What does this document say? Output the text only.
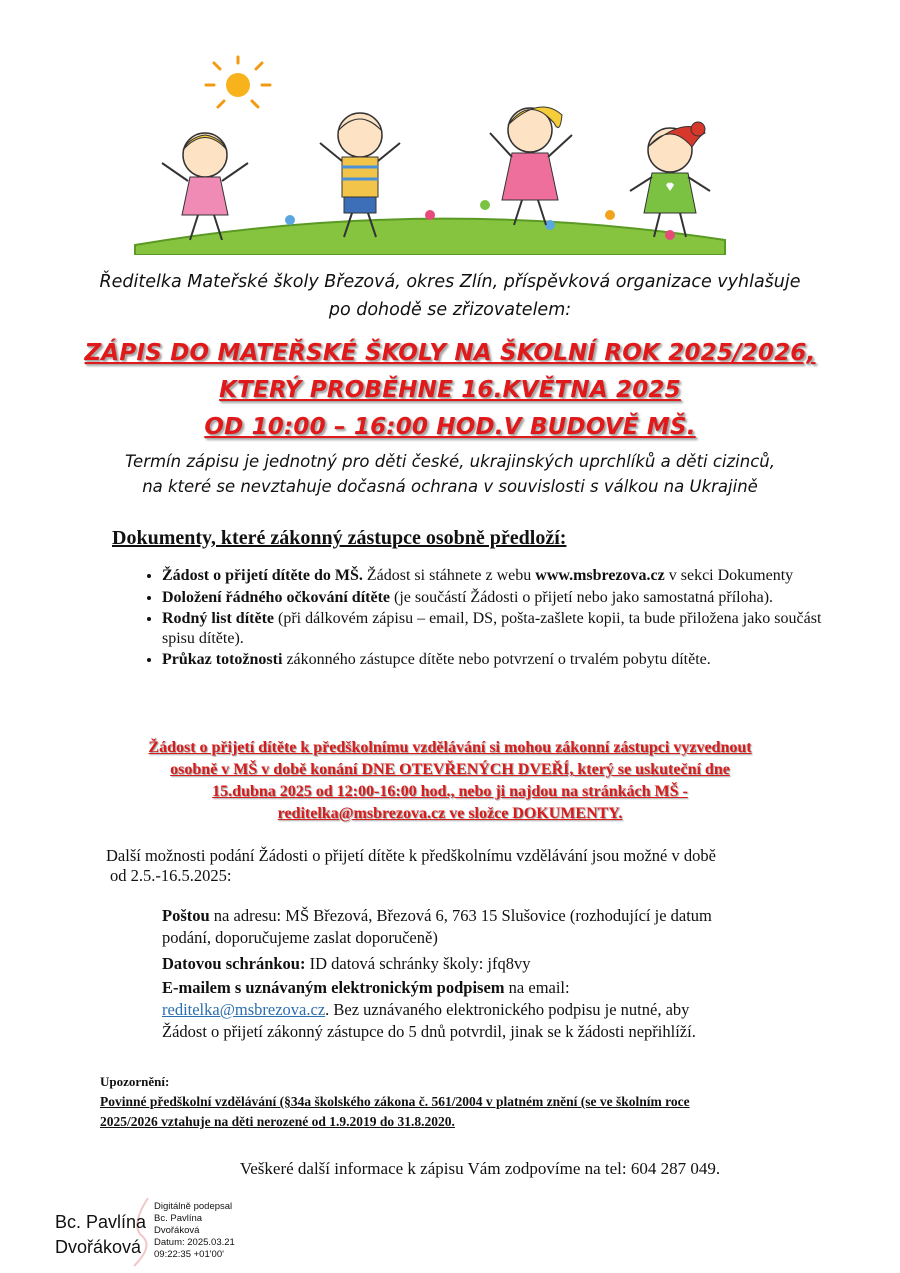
Ředitelka Mateřské školy Březová, okres Zlín, příspěvková organizace vyhlašuje
po dohodě se zřizovatelem:
ZÁPIS DO MATEŘSKÉ ŠKOLY NA ŠKOLNÍ ROK 2025/2026,
KTERÝ PROBĚHNE 16.KVĚTNA 2025
OD 10:00 – 16:00 HOD.V BUDOVĚ MŠ.
Termín zápisu je jednotný pro děti české, ukrajinských uprchlíků a děti cizinců,
na které se nevztahuje dočasná ochrana v souvislosti s válkou na Ukrajině
Dokumenty, které zákonný zástupce osobně předloží:
• Žádost o přijetí dítěte do MŠ. Žádost si stáhnete z webu www.msbrezova.cz v sekci Dokumenty
• Doložení řádného očkování dítěte (je součástí Žádosti o přijetí nebo jako samostatná příloha).
• Rodný list dítěte (při dálkovém zápisu – email, DS, pošta-zašlete kopii, ta bude přiložena jako součást spisu dítěte).
• Průkaz totožnosti zákonného zástupce dítěte nebo potvrzení o trvalém pobytu dítěte.
Žádost o přijetí dítěte k předškolnímu vzdělávání si mohou zákonní zástupci vyzvednout
osobně v MŠ v době konání DNE OTEVŘENÝCH DVEŘÍ, který se uskuteční dne
15.dubna 2025 od 12:00-16:00 hod., nebo ji najdou na stránkách MŠ -
reditelka@msbrezova.cz ve složce DOKUMENTY.
Další možnosti podání Žádosti o přijetí dítěte k předškolnímu vzdělávání jsou možné v době
od 2.5.-16.5.2025:
Poštou na adresu: MŠ Březová, Březová 6, 763 15 Slušovice (rozhodující je datum
podání, doporučujeme zaslat doporučeně)
Datovou schránkou: ID datová schránky školy: jfq8vy
E-mailem s uznávaným elektronickým podpisem na email:
reditelka@msbrezova.cz. Bez uznávaného elektronického podpisu je nutné, aby
Žádost o přijetí zákonný zástupce do 5 dnů potvrdil, jinak se k žádosti nepřihlíží.
Upozornění:
Povinné předškolní vzdělávání (§34a školského zákona č. 561/2004 v platném znění (se ve školním roce
2025/2026 vztahuje na děti nerozené od 1.9.2019 do 31.8.2020.
Veškeré další informace k zápisu Vám zodpovíme na tel: 604 287 049.
Bc. Pavlína
Dvořáková
Digitálně podepsal
Bc. Pavlína
Dvořáková
Datum: 2025.03.21
09:22:35 +01'00'
